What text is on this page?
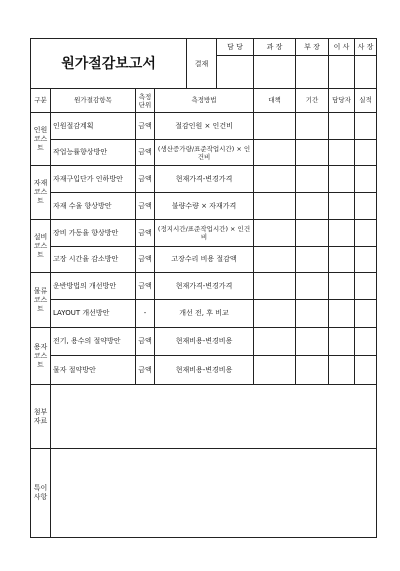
원가절감보고서				결재	담 당	과 장	부 장	이 사	사 장

구분	원가절감항목	측정단위	측정방법			대책	기간	담당자	실적
인원코스트	인원절감계획	금액	절감인원 × 인건비						
	작업능률향상방안	금액	(생산증가량/표준작업시간) × 인건비						
자재코스트	자재구입단가 인하방안	금액	현재가격-변경가격						
	자재 수율 향상방안	금액	불량수량 × 자재가격						
설비코스트	장비 가동율 향상방안	금액	(정지시간/표준작업시간) × 인건비						
	고장 시간율 감소방안	금액	고장수리 비용 절감액						
물류코스트	운반방법의 개선방안	금액	현재가격-변경가격						
	LAYOUT 개선방안	-	개선 전, 후 비교						
용자코스트	전기, 용수의 절약방안	금액	현재비용-변경비용						
	물자 절약방안	금액	현재비용-변경비용						
첨부자료									
특이사항									
